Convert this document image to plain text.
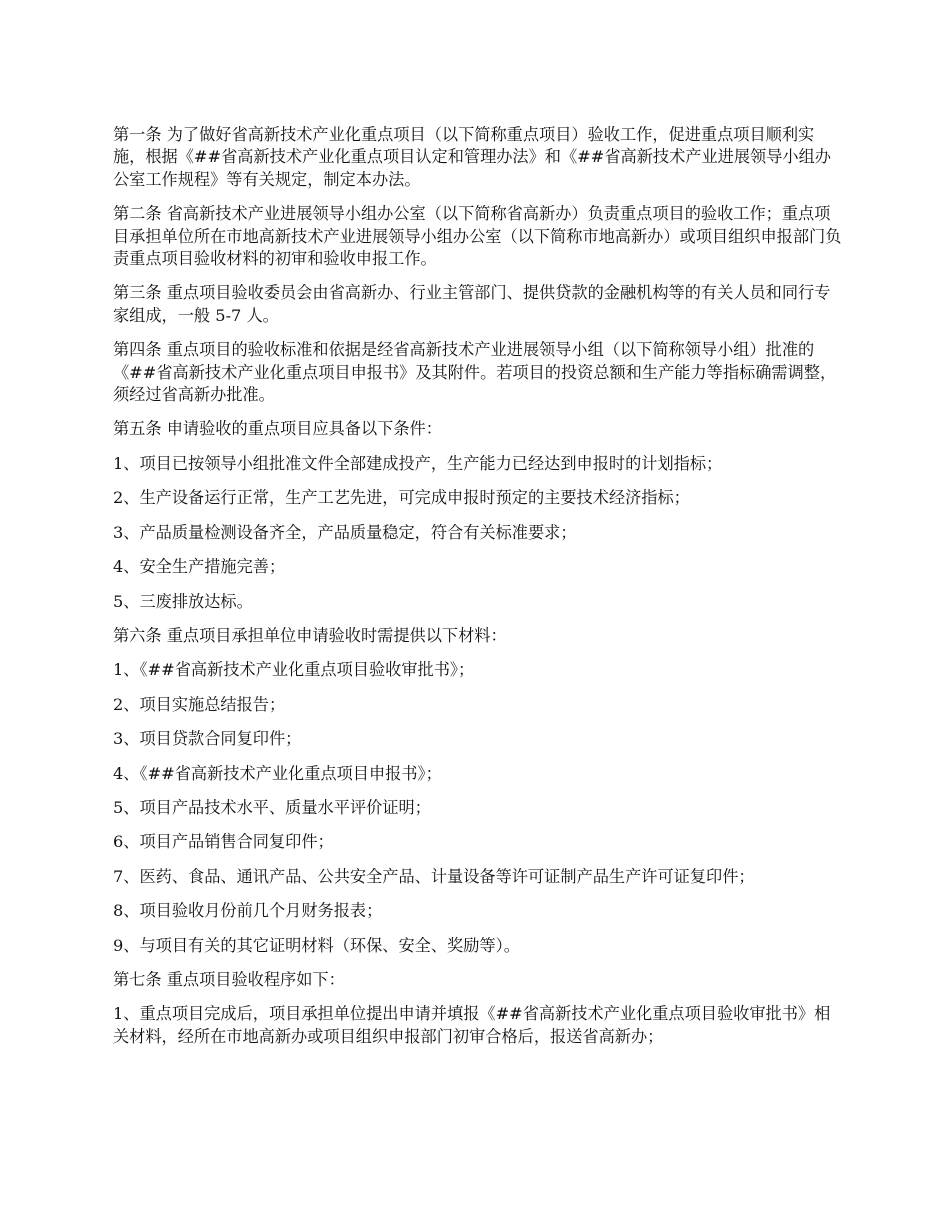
第一条 为了做好省高新技术产业化重点项目（以下简称重点项目）验收工作，促进重点项目顺利实施，根据《##省高新技术产业化重点项目认定和管理办法》和《##省高新技术产业进展领导小组办公室工作规程》等有关规定，制定本办法。

第二条 省高新技术产业进展领导小组办公室（以下简称省高新办）负责重点项目的验收工作；重点项目承担单位所在市地高新技术产业进展领导小组办公室（以下简称市地高新办）或项目组织申报部门负责重点项目验收材料的初审和验收申报工作。

第三条 重点项目验收委员会由省高新办、行业主管部门、提供贷款的金融机构等的有关人员和同行专家组成，一般 5-7 人。

第四条 重点项目的验收标准和依据是经省高新技术产业进展领导小组（以下简称领导小组）批准的《##省高新技术产业化重点项目申报书》及其附件。若项目的投资总额和生产能力等指标确需调整，须经过省高新办批准。

第五条 申请验收的重点项目应具备以下条件：

1、项目已按领导小组批准文件全部建成投产，生产能力已经达到申报时的计划指标；

2、生产设备运行正常，生产工艺先进，可完成申报时预定的主要技术经济指标；

3、产品质量检测设备齐全，产品质量稳定，符合有关标准要求；

4、安全生产措施完善；

5、三废排放达标。

第六条 重点项目承担单位申请验收时需提供以下材料：

1、《##省高新技术产业化重点项目验收审批书》；

2、项目实施总结报告；

3、项目贷款合同复印件；

4、《##省高新技术产业化重点项目申报书》；

5、项目产品技术水平、质量水平评价证明；

6、项目产品销售合同复印件；

7、医药、食品、通讯产品、公共安全产品、计量设备等许可证制产品生产许可证复印件；

8、项目验收月份前几个月财务报表；

9、与项目有关的其它证明材料（环保、安全、奖励等）。

第七条 重点项目验收程序如下：

1、重点项目完成后，项目承担单位提出申请并填报《##省高新技术产业化重点项目验收审批书》相关材料，经所在市地高新办或项目组织申报部门初审合格后，报送省高新办；
